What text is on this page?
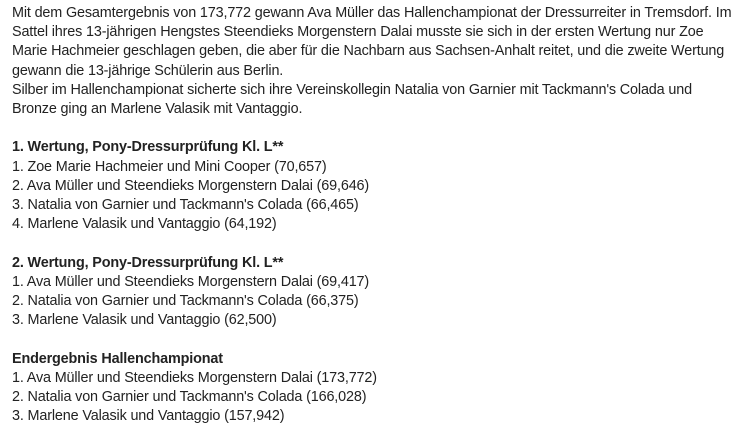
Mit dem Gesamtergebnis von 173,772 gewann Ava Müller das Hallenchampionat der Dressurreiter in Tremsdorf. Im

Sattel ihres 13-jährigen Hengstes Steendieks Morgenstern Dalai musste sie sich in der ersten Wertung nur Zoe

Marie Hachmeier geschlagen geben, die aber für die Nachbarn aus Sachsen-Anhalt reitet, und die zweite Wertung

gewann die 13-jährige Schülerin aus Berlin.

Silber im Hallenchampionat sicherte sich ihre Vereinskollegin Natalia von Garnier mit Tackmann's Colada und

Bronze ging an Marlene Valasik mit Vantaggio.

1. Wertung, Pony-Dressurprüfung Kl. L**

1. Zoe Marie Hachmeier und Mini Cooper (70,657)

2. Ava Müller und Steendieks Morgenstern Dalai (69,646)

3. Natalia von Garnier und Tackmann's Colada (66,465)

4. Marlene Valasik und Vantaggio (64,192)

2. Wertung, Pony-Dressurprüfung Kl. L**

1. Ava Müller und Steendieks Morgenstern Dalai (69,417)

2. Natalia von Garnier und Tackmann's Colada (66,375)

3. Marlene Valasik und Vantaggio (62,500)

Endergebnis Hallenchampionat

1. Ava Müller und Steendieks Morgenstern Dalai (173,772)

2. Natalia von Garnier und Tackmann's Colada (166,028)

3. Marlene Valasik und Vantaggio (157,942)
